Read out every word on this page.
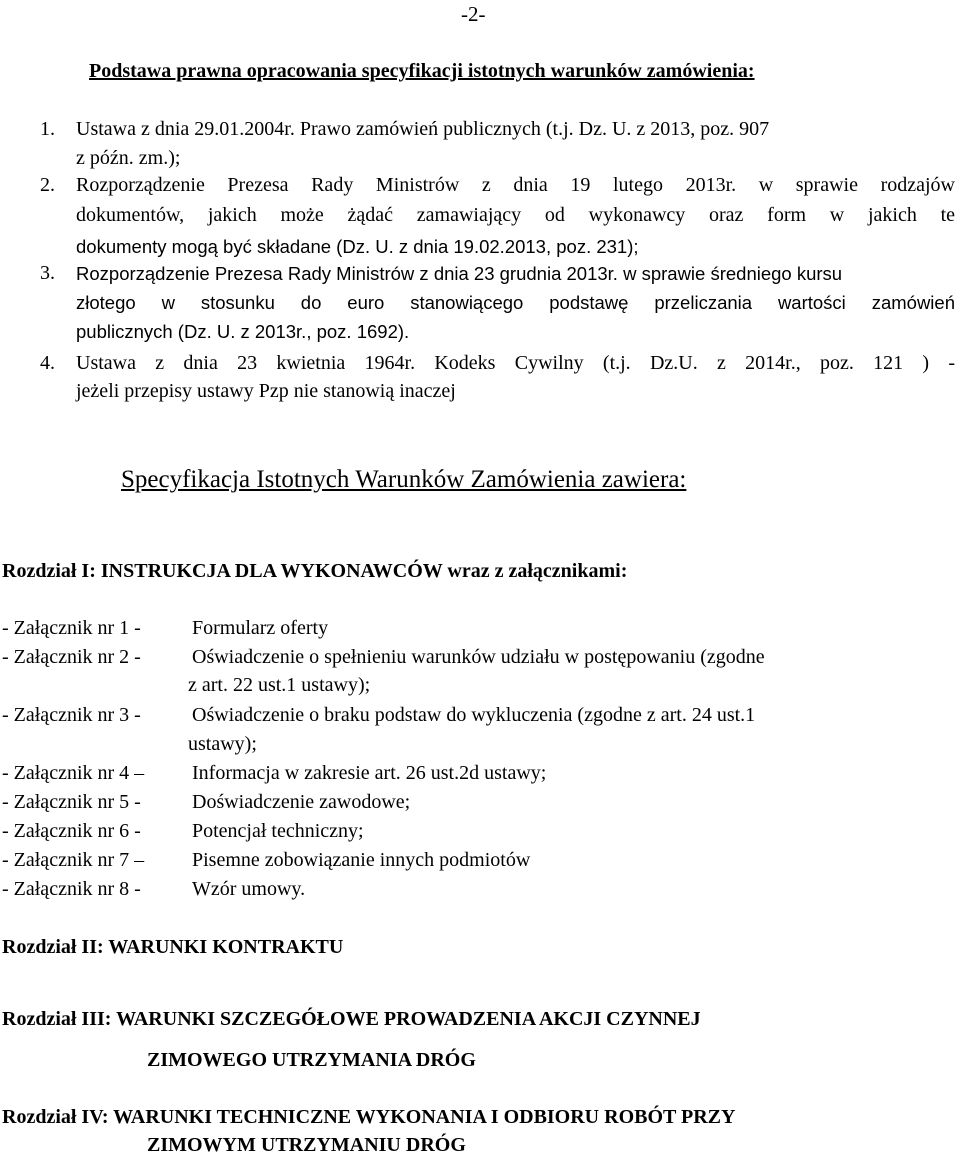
-2-
Podstawa prawna opracowania specyfikacji istotnych warunków zamówienia:
1. Ustawa z dnia 29.01.2004r. Prawo zamówień publicznych (t.j. Dz. U. z 2013, poz. 907
z późn. zm.);
2. Rozporządzenie Prezesa Rady Ministrów z dnia 19 lutego 2013r. w sprawie rodzajów
dokumentów, jakich może żądać zamawiający od wykonawcy oraz form w jakich te
dokumenty mogą być składane (Dz. U. z dnia 19.02.2013, poz. 231);
3. Rozporządzenie Prezesa Rady Ministrów z dnia 23 grudnia 2013r. w sprawie średniego kursu
złotego w stosunku do euro stanowiącego podstawę przeliczania wartości zamówień
publicznych (Dz. U. z 2013r., poz. 1692).
4. Ustawa z dnia 23 kwietnia 1964r. Kodeks Cywilny (t.j. Dz.U. z 2014r., poz. 121 ) -
jeżeli przepisy ustawy Pzp nie stanowią inaczej
Specyfikacja Istotnych Warunków Zamówienia zawiera:
Rozdział I: INSTRUKCJA DLA WYKONAWCÓW wraz z załącznikami:
- Załącznik nr 1 -	Formularz oferty
- Załącznik nr 2 -	Oświadczenie o spełnieniu warunków udziału w postępowaniu (zgodne
z art. 22 ust.1 ustawy);
- Załącznik nr 3 -	Oświadczenie o braku podstaw do wykluczenia (zgodne z art. 24 ust.1
ustawy);
- Załącznik nr 4 – Informacja w zakresie art. 26 ust.2d ustawy;
- Załącznik nr 5 -	Doświadczenie zawodowe;
- Załącznik nr 6 -	Potencjał techniczny;
- Załącznik nr 7 – Pisemne zobowiązanie innych podmiotów
- Załącznik nr 8 -	Wzór umowy.
Rozdział II: WARUNKI KONTRAKTU
Rozdział III: WARUNKI SZCZEGÓŁOWE PROWADZENIA AKCJI CZYNNEJ
ZIMOWEGO UTRZYMANIA DRÓG
Rozdział IV: WARUNKI TECHNICZNE WYKONANIA I ODBIORU ROBÓT PRZY
ZIMOWYM UTRZYMANIU DRÓG
